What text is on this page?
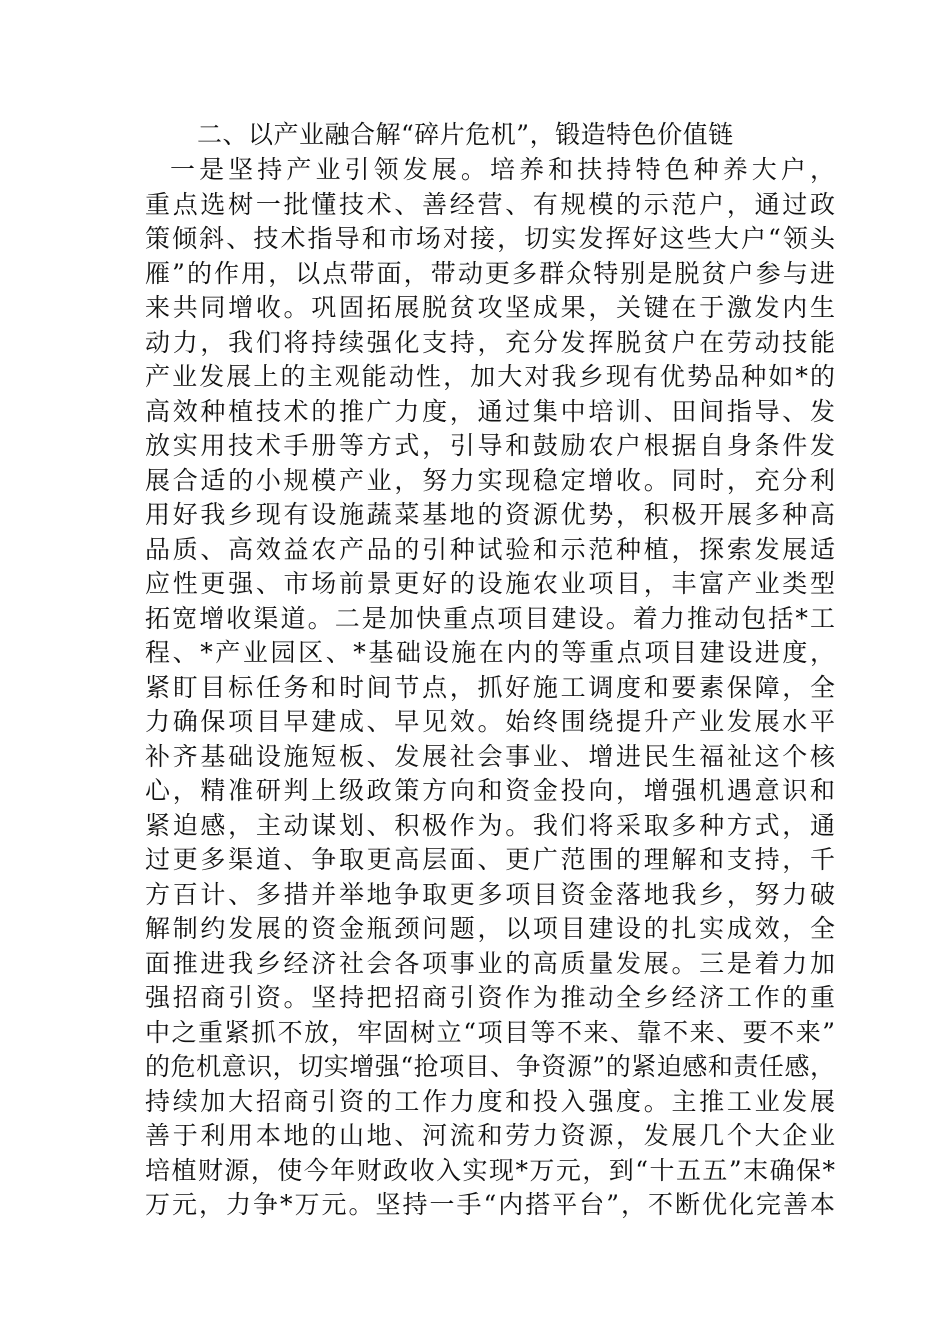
二、以产业融合解“碎片危机”，锻造特色价值链
一是坚持产业引领发展。培养和扶持特色种养大户，
重点选树一批懂技术、善经营、有规模的示范户，通过政
策倾斜、技术指导和市场对接，切实发挥好这些大户“领头
雁”的作用，以点带面，带动更多群众特别是脱贫户参与进
来共同增收。巩固拓展脱贫攻坚成果，关键在于激发内生
动力，我们将持续强化支持，充分发挥脱贫户在劳动技能
产业发展上的主观能动性，加大对我乡现有优势品种如*的
高效种植技术的推广力度，通过集中培训、田间指导、发
放实用技术手册等方式，引导和鼓励农户根据自身条件发
展合适的小规模产业，努力实现稳定增收。同时，充分利
用好我乡现有设施蔬菜基地的资源优势，积极开展多种高
品质、高效益农产品的引种试验和示范种植，探索发展适
应性更强、市场前景更好的设施农业项目，丰富产业类型
拓宽增收渠道。二是加快重点项目建设。着力推动包括*工
程、*产业园区、*基础设施在内的等重点项目建设进度，
紧盯目标任务和时间节点，抓好施工调度和要素保障，全
力确保项目早建成、早见效。始终围绕提升产业发展水平
补齐基础设施短板、发展社会事业、增进民生福祉这个核
心，精准研判上级政策方向和资金投向，增强机遇意识和
紧迫感，主动谋划、积极作为。我们将采取多种方式，通
过更多渠道、争取更高层面、更广范围的理解和支持，千
方百计、多措并举地争取更多项目资金落地我乡，努力破
解制约发展的资金瓶颈问题，以项目建设的扎实成效，全
面推进我乡经济社会各项事业的高质量发展。三是着力加
强招商引资。坚持把招商引资作为推动全乡经济工作的重
中之重紧抓不放，牢固树立“项目等不来、靠不来、要不来”
的危机意识，切实增强“抢项目、争资源”的紧迫感和责任感，
持续加大招商引资的工作力度和投入强度。主推工业发展
善于利用本地的山地、河流和劳力资源，发展几个大企业
培植财源，使今年财政收入实现*万元，到“十五五”末确保*
万元，力争*万元。坚持一手“内搭平台”，不断优化完善本
